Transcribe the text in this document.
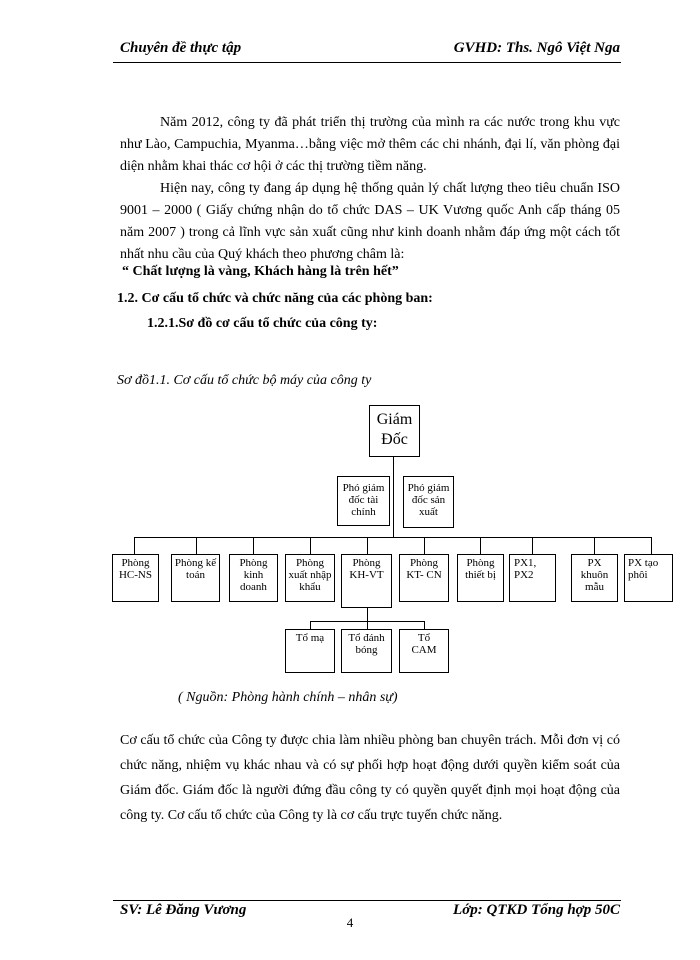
Chuyên đề thực tập	GVHD: Ths. Ngô Việt Nga

Năm 2012, công ty đã phát triển thị trường của mình ra các nước trong khu vực như Lào, Campuchia, Myanma…bằng việc mở thêm các chi nhánh, đại lí, văn phòng đại diện nhằm khai thác cơ hội ở các thị trường tiềm năng.

Hiện nay, công ty đang áp dụng hệ thống quản lý chất lượng theo tiêu chuẩn ISO 9001 – 2000 ( Giấy chứng nhận do tổ chức DAS – UK Vương quốc Anh cấp tháng 05 năm 2007 ) trong cả lĩnh vực sản xuất cũng như kinh doanh nhằm đáp ứng một cách tốt nhất nhu cầu của Quý khách theo phương châm là:

“ Chất lượng là vàng, Khách hàng là trên hết”
1.2. Cơ cấu tổ chức và chức năng của các phòng ban:
1.2.1.Sơ đồ cơ cấu tổ chức của công ty:
Sơ đồ1.1. Cơ cấu tổ chức bộ máy của công ty
Giám
Đốc
Phó giám
đốc tài
chính
Phó giám
đốc sản
xuất
Phòng
HC-NS
Phòng kế
toán
Phòng
kinh
doanh
Phòng
xuất nhập
khẩu
Phòng
KH-VT
Phòng
KT- CN
Phòng
thiết bị
PX1,
PX2
PX
khuôn
mẫu
PX tạo
phôi
Tổ mạ	Tổ đánh
bóng
Tổ
CAM
( Nguồn: Phòng hành chính – nhân sự)

Cơ cấu tổ chức của Công ty được chia làm nhiều phòng ban chuyên trách. Mỗi đơn vị có chức năng, nhiệm vụ khác nhau và có sự phối hợp hoạt động dưới quyền kiểm soát của Giám đốc. Giám đốc là người đứng đầu công ty có quyền quyết định mọi hoạt động của công ty. Cơ cấu tổ chức của Công ty là cơ cấu trực tuyến chức năng.

SV: Lê Đăng Vương	Lớp: QTKD Tổng hợp 50C
4
